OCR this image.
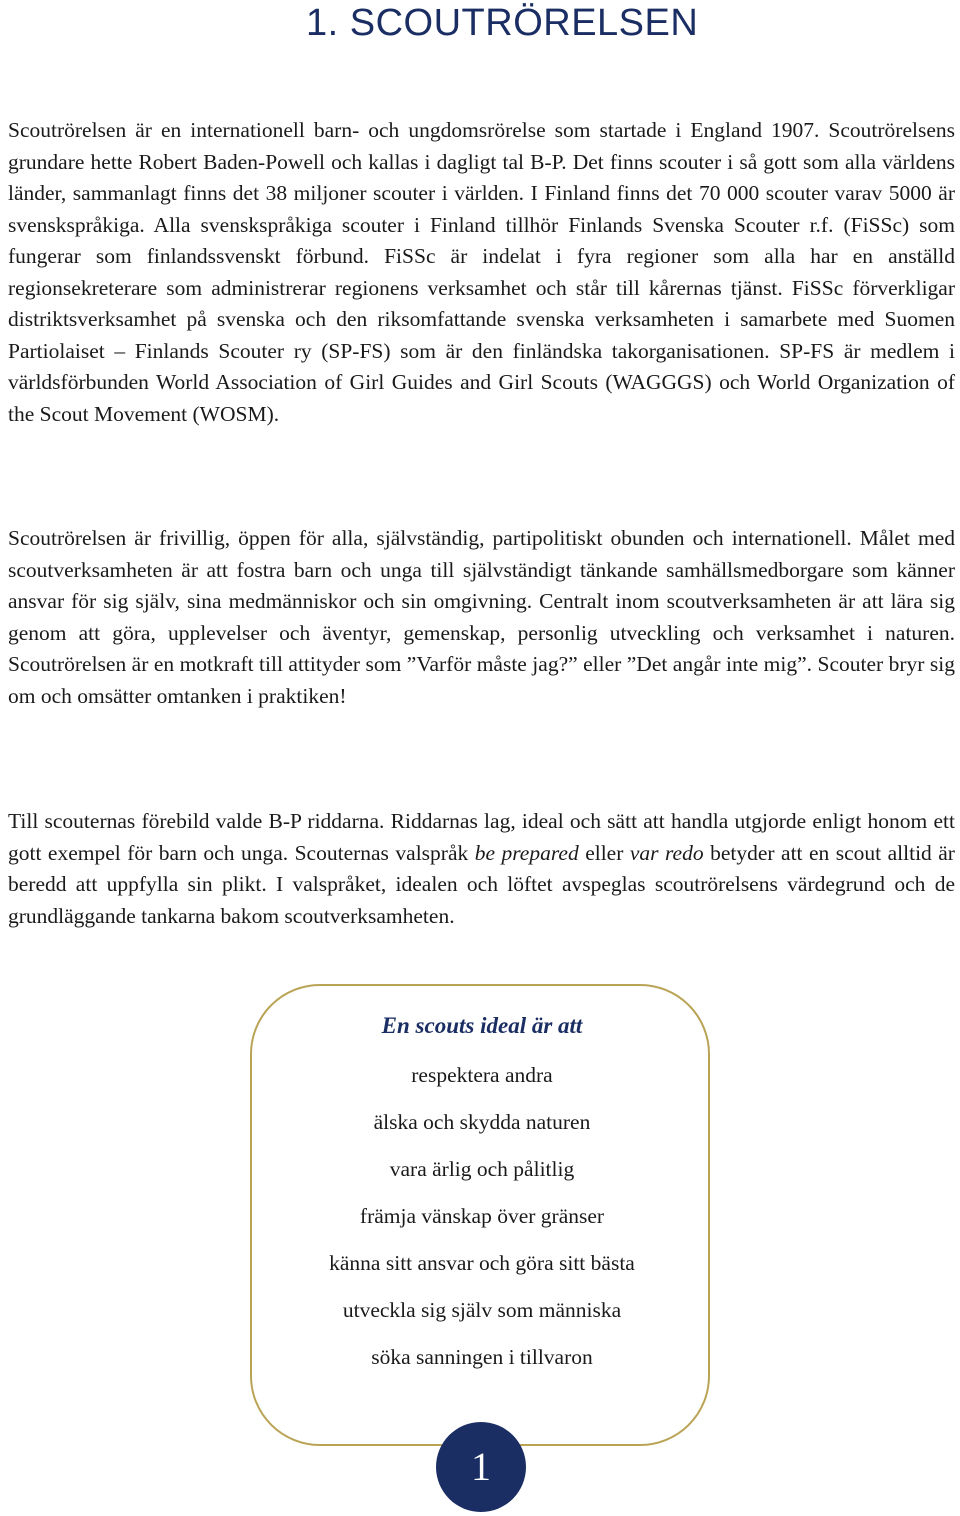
1. SCOUTRÖRELSEN

Scoutrörelsen är en internationell barn- och ungdomsrörelse som startade i England 1907. Scoutrörelsens grundare hette Robert Baden-Powell och kallas i dagligt tal B-P. Det finns scouter i så gott som alla världens länder, sammanlagt finns det 38 miljoner scouter i världen. I Finland finns det 70 000 scouter varav 5000 är svenskspråkiga. Alla svenskspråkiga scouter i Finland tillhör Finlands Svenska Scouter r.f. (FiSSc) som fungerar som finlandssvenskt förbund. FiSSc är indelat i fyra regioner som alla har en anställd regionsekreterare som administrerar regionens verksamhet och står till kårernas tjänst. FiSSc förverkligar distriktsverksamhet på svenska och den riksomfattande svenska verksamheten i samarbete med Suomen Partiolaiset – Finlands Scouter ry (SP-FS) som är den finländska takorganisationen. SP-FS är medlem i världsförbunden World Association of Girl Guides and Girl Scouts (WAGGGS) och World Organization of the Scout Movement (WOSM).

Scoutrörelsen är frivillig, öppen för alla, självständig, partipolitiskt obunden och internationell. Målet med scoutverksamheten är att fostra barn och unga till självständigt tänkande samhällsmedborgare som känner ansvar för sig själv, sina medmänniskor och sin omgivning. Centralt inom scoutverksamheten är att lära sig genom att göra, upplevelser och äventyr, gemenskap, personlig utveckling och verksamhet i naturen. Scoutrörelsen är en motkraft till attityder som ”Varför måste jag?” eller ”Det angår inte mig”. Scouter bryr sig om och omsätter omtanken i praktiken!

Till scouternas förebild valde B-P riddarna. Riddarnas lag, ideal och sätt att handla utgjorde enligt honom ett gott exempel för barn och unga. Scouternas valspråk be prepared eller var redo betyder att en scout alltid är beredd att uppfylla sin plikt. I valspråket, idealen och löftet avspeglas scoutrörelsens värdegrund och de grundläggande tankarna bakom scoutverksamheten.

En scouts ideal är att
respektera andra
älska och skydda naturen
vara ärlig och pålitlig
främja vänskap över gränser
känna sitt ansvar och göra sitt bästa
utveckla sig själv som människa
söka sanningen i tillvaron
1
